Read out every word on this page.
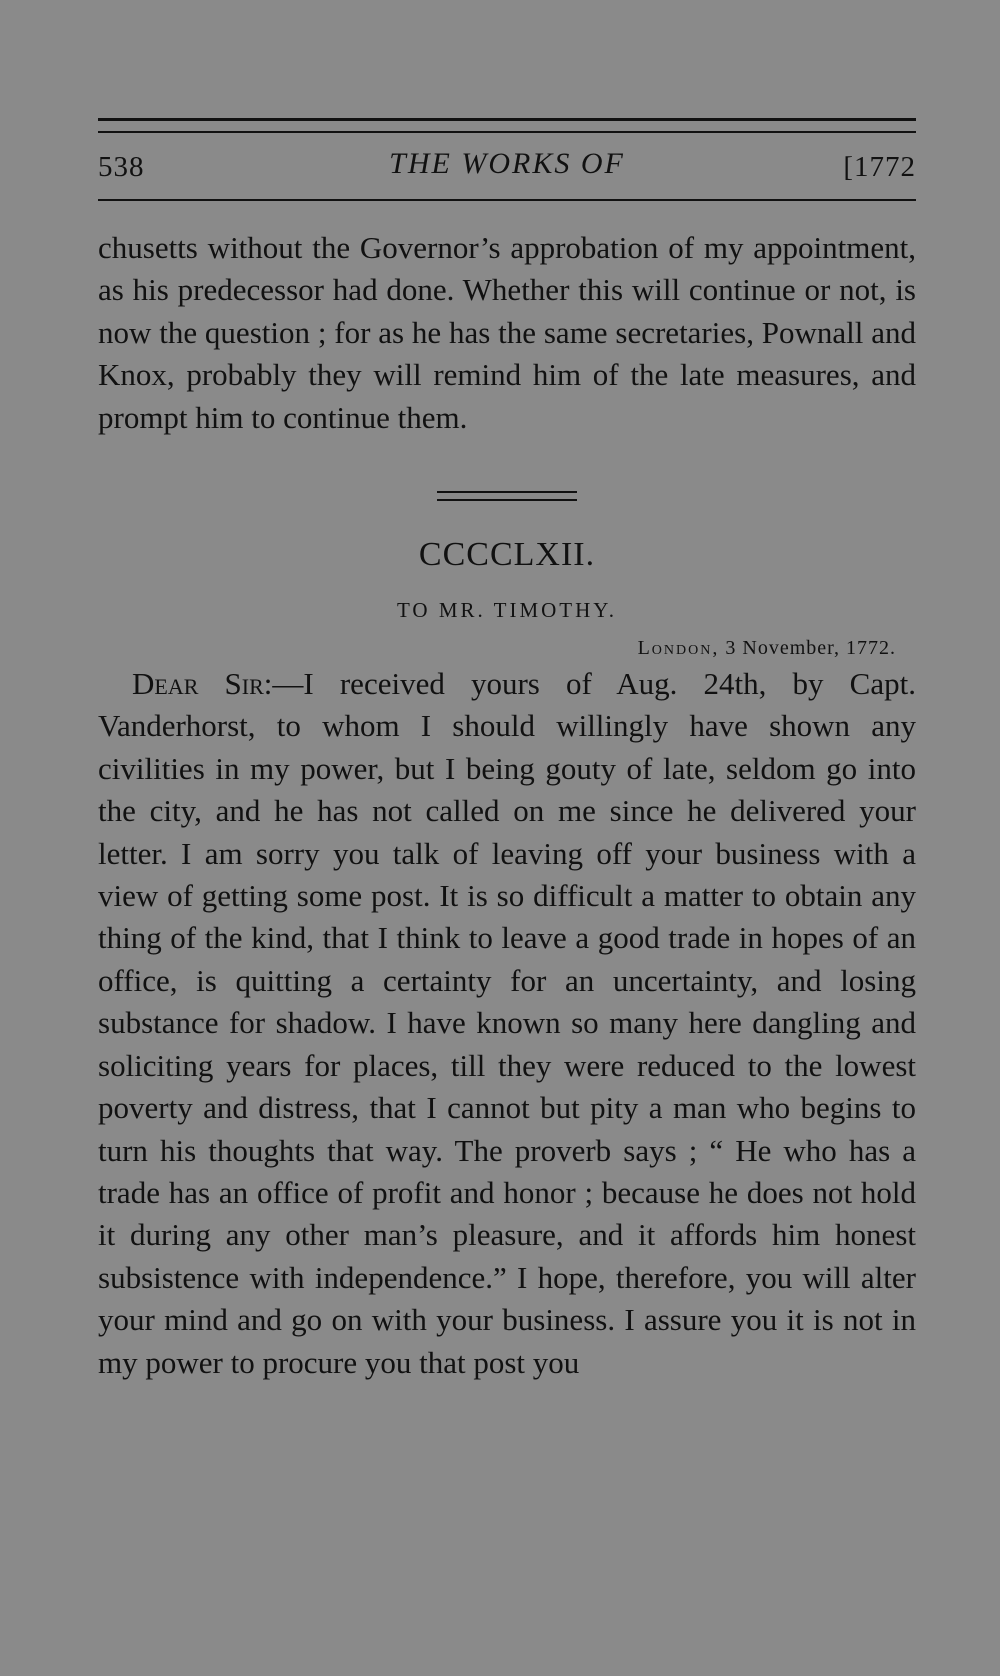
538	THE WORKS OF	[1772

chusetts without the Governor’s approbation of my appointment, as his predecessor had done. Whether this will continue or not, is now the question ; for as he has the same secretaries, Pownall and Knox, probably they will remind him of the late measures, and prompt him to continue them.

CCCCLXII.
TO MR. TIMOTHY.
London, 3 November, 1772.

Dear Sir:—I received yours of Aug. 24th, by Capt. Vanderhorst, to whom I should willingly have shown any civilities in my power, but I being gouty of late, seldom go into the city, and he has not called on me since he delivered your letter. I am sorry you talk of leaving off your business with a view of getting some post. It is so difficult a matter to obtain any thing of the kind, that I think to leave a good trade in hopes of an office, is quitting a certainty for an uncertainty, and losing substance for shadow. I have known so many here dangling and soliciting years for places, till they were reduced to the lowest poverty and distress, that I cannot but pity a man who begins to turn his thoughts that way. The proverb says ; “ He who has a trade has an office of profit and honor ; because he does not hold it during any other man’s pleasure, and it affords him honest subsistence with independence.” I hope, therefore, you will alter your mind and go on with your business. I assure you it is not in my power to procure you that post you
